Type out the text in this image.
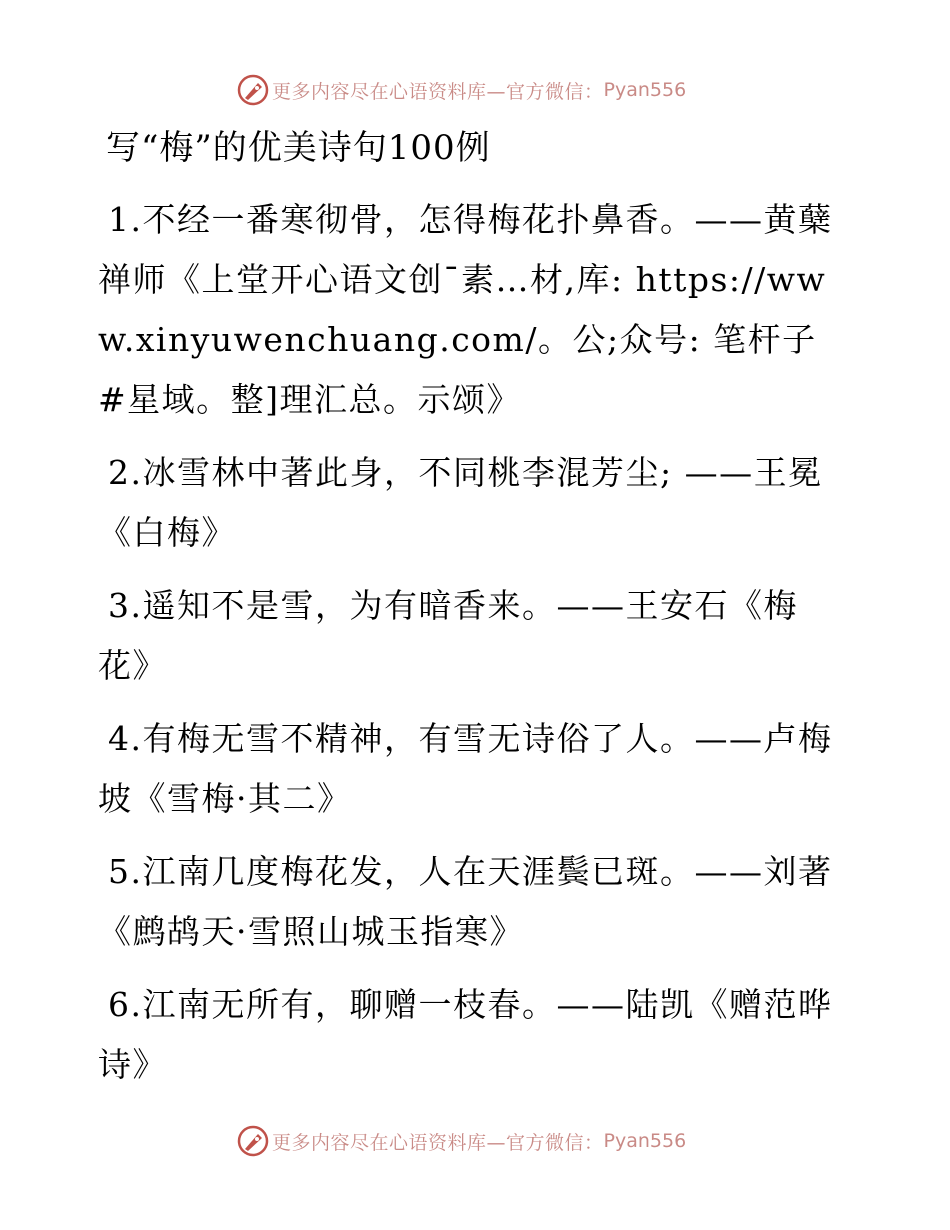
更多内容尽在心语资料库—官方微信： Pyan556
写“梅”的优美诗句100例

1.不经一番寒彻骨，怎得梅花扑鼻香。——黄蘖禅师《上堂开心语文创¯素…材,库: https://www.xinyuwenchuang.com/。公;众号: 笔杆子#星域。整]理汇总。示颂》

2.冰雪林中著此身，不同桃李混芳尘; ——王冕《白梅》

3.遥知不是雪，为有暗香来。——王安石《梅花》

4.有梅无雪不精神，有雪无诗俗了人。——卢梅坡《雪梅·其二》

5.江南几度梅花发，人在天涯鬓已斑。——刘著《鹧鸪天·雪照山城玉指寒》

6.江南无所有，聊赠一枝春。——陆凯《赠范晔诗》

更多内容尽在心语资料库—官方微信： Pyan556
